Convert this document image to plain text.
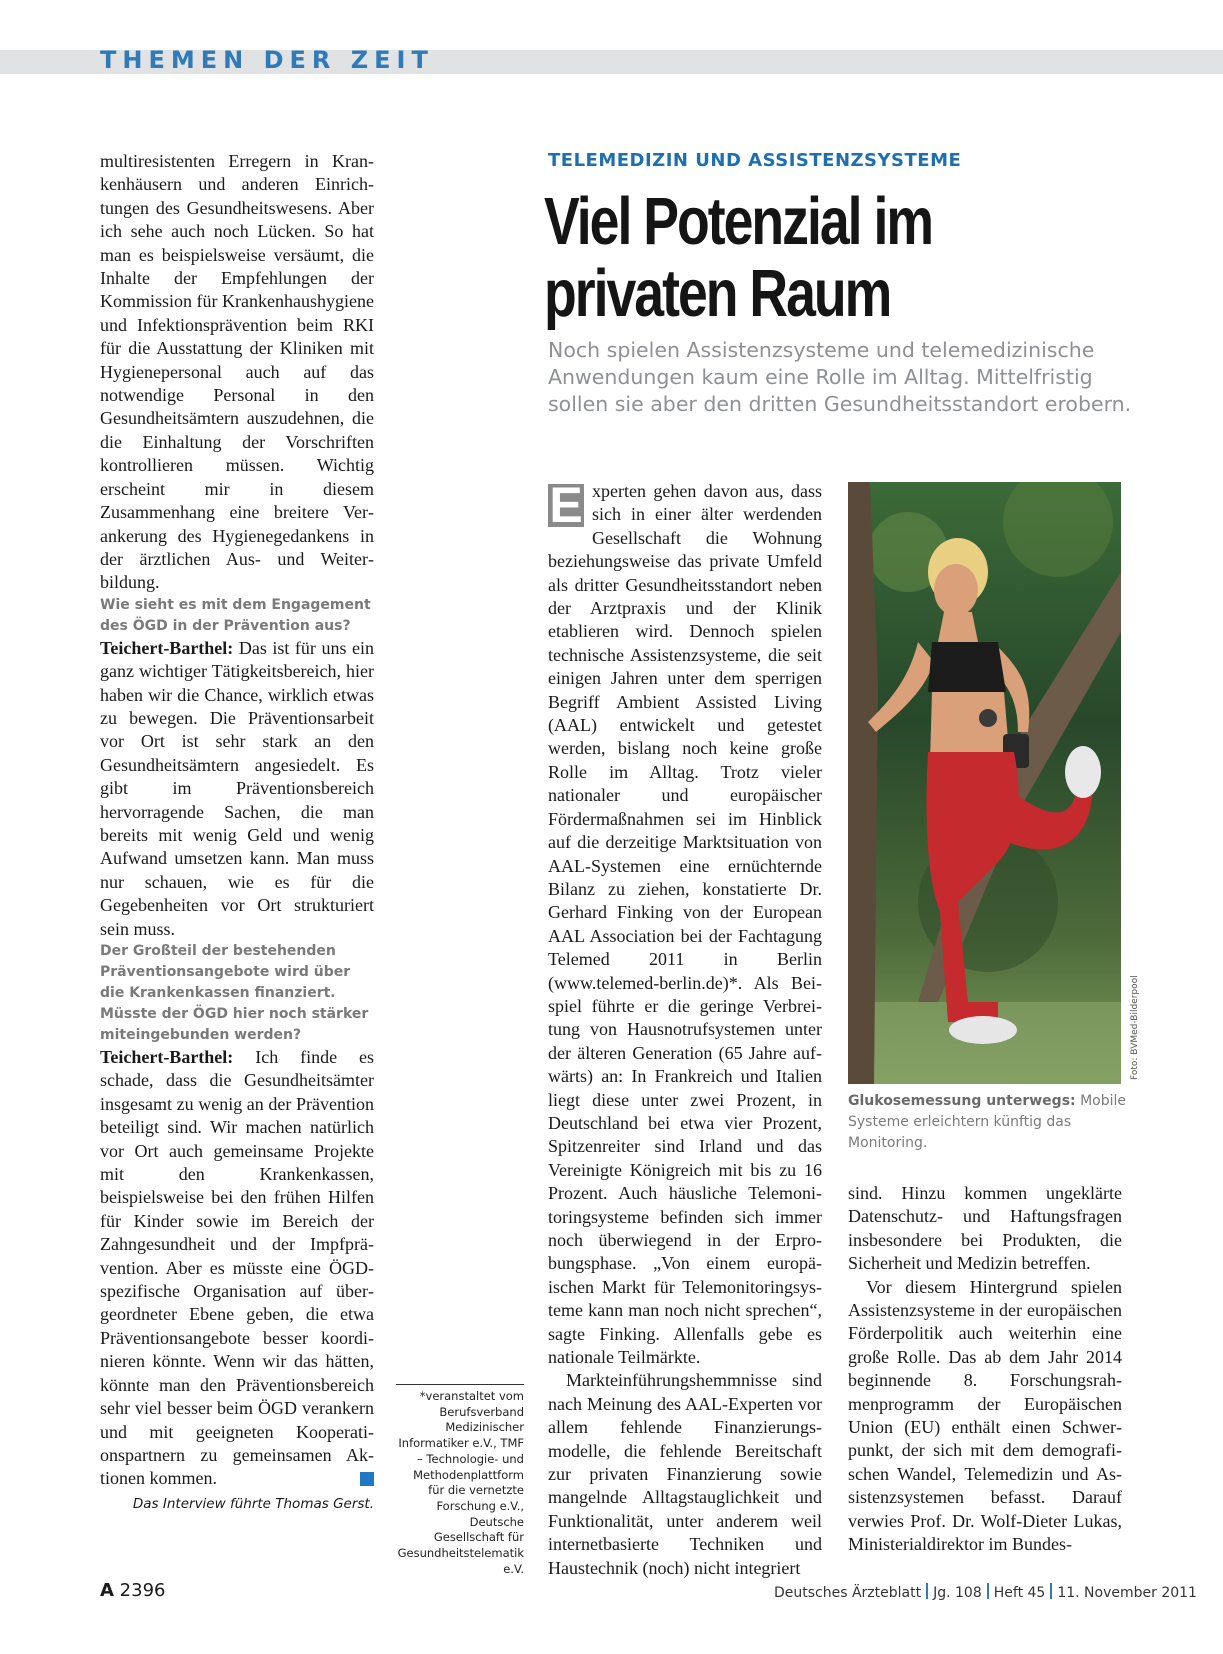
THEMEN DER ZEIT

multiresistenten Erregern in Krankenhäusern und anderen Einrichtungen des Gesundheitswesens. Aber ich sehe auch noch Lücken. So hat man es beispielsweise versäumt, die Inhalte der Empfehlungen der Kommission für Krankenhaushygiene und Infektionsprävention beim RKI für die Ausstattung der Kliniken mit Hygienepersonal auch auf das notwendige Personal in den Gesundheitsämtern auszudehnen, die die Einhaltung der Vorschriften kontrollieren müssen. Wichtig erscheint mir in diesem Zusammenhang eine breitere Verankerung des Hygienegedankens in der ärztlichen Aus- und Weiterbildung.

Wie sieht es mit dem Engagement des ÖGD in der Prävention aus?

Teichert-Barthel: Das ist für uns ein ganz wichtiger Tätigkeitsbereich, hier haben wir die Chance, wirklich etwas zu bewegen. Die Präventionsarbeit vor Ort ist sehr stark an den Gesundheitsämtern angesiedelt. Es gibt im Präventionsbereich hervorragende Sachen, die man bereits mit wenig Geld und wenig Aufwand umsetzen kann. Man muss nur schauen, wie es für die Gegebenheiten vor Ort strukturiert sein muss.

Der Großteil der bestehenden Präventionsangebote wird über die Krankenkassen finanziert. Müsste der ÖGD hier noch stärker miteingebunden werden?

Teichert-Barthel: Ich finde es schade, dass die Gesundheitsämter insgesamt zu wenig an der Prävention beteiligt sind. Wir machen natürlich vor Ort auch gemeinsame Projekte mit den Krankenkassen, beispielsweise bei den frühen Hilfen für Kinder sowie im Bereich der Zahngesundheit und der Impfprävention. Aber es müsste eine ÖGD-spezifische Organisation auf übergeordneter Ebene geben, die etwa Präventionsangebote besser koordinieren könnte. Wenn wir das hätten, könnte man den Präventionsbereich sehr viel besser beim ÖGD verankern und mit geeigneten Kooperationspartnern zu gemeinsamen Aktionen kommen.

Das Interview führte Thomas Gerst.

*veranstaltet vom Berufsverband Medizinischer Informatiker e.V., TMF – Technologie- und Methodenplattform für die vernetzte Forschung e.V., Deutsche Gesellschaft für Gesundheitstelematik e.V.
TELEMEDIZIN UND ASSISTENZSYSTEME
Viel Potenzial im
privaten Raum

Noch spielen Assistenzsysteme und telemedizinische Anwendungen kaum eine Rolle im Alltag. Mittelfristig sollen sie aber den dritten Gesundheitsstandort erobern.

E xperten gehen davon aus, dass sich in einer älter werdenden Gesellschaft die Wohnung beziehungsweise das private Umfeld als dritter Gesundheitsstandort neben der Arztpraxis und der Klinik etablieren wird. Dennoch spielen technische Assistenzsysteme, die seit einigen Jahren unter dem sperrigen Begriff Ambient Assisted Living (AAL) entwickelt und getestet werden, bislang noch keine große Rolle im Alltag. Trotz vieler nationaler und europäischer Fördermaßnahmen sei im Hinblick auf die derzeitige Marktsituation von AAL-Systemen eine ernüchternde Bilanz zu ziehen, konstatierte Dr. Gerhard Finking von der European AAL Association bei der Fachtagung Telemed 2011 in Berlin (www.telemed-berlin.de)*. Als Beispiel führte er die geringe Verbreitung von Hausnotrufsystemen unter der älteren Generation (65 Jahre aufwärts) an: In Frankreich und Italien liegt diese unter zwei Prozent, in Deutschland bei etwa vier Prozent, Spitzenreiter sind Irland und das Vereinigte Königreich mit bis zu 16 Prozent. Auch häusliche Telemonitoringsysteme befinden sich immer noch überwiegend in der Erprobungsphase. „Von einem europäischen Markt für Telemonitoringsysteme kann man noch nicht sprechen“, sagte Finking. Allenfalls gebe es nationale Teilmärkte.

Markteinführungshemmnisse sind nach Meinung des AAL-Experten vor allem fehlende Finanzierungsmodelle, die fehlende Bereitschaft zur privaten Finanzierung sowie mangelnde Alltagstauglichkeit und Funktionalität, unter anderem weil internetbasierte Techniken und Haustechnik (noch) nicht integriert

Foto: BVMed-Bilderpool

Glukosemessung unterwegs: Mobile Systeme erleichtern künftig das Monitoring.

sind. Hinzu kommen ungeklärte Datenschutz- und Haftungsfragen insbesondere bei Produkten, die Sicherheit und Medizin betreffen.

Vor diesem Hintergrund spielen Assistenzsysteme in der europäischen Förderpolitik auch weiterhin eine große Rolle. Das ab dem Jahr 2014 beginnende 8. Forschungsrahmenprogramm der Europäischen Union (EU) enthält einen Schwerpunkt, der sich mit dem demografischen Wandel, Telemedizin und Assistenzsystemen befasst. Darauf verwies Prof. Dr. Wolf-Dieter Lukas, Ministerialdirektor im Bundes-

A 2396	Deutsches Ärzteblatt Jg. 108 Heft 45 11. November 2011
